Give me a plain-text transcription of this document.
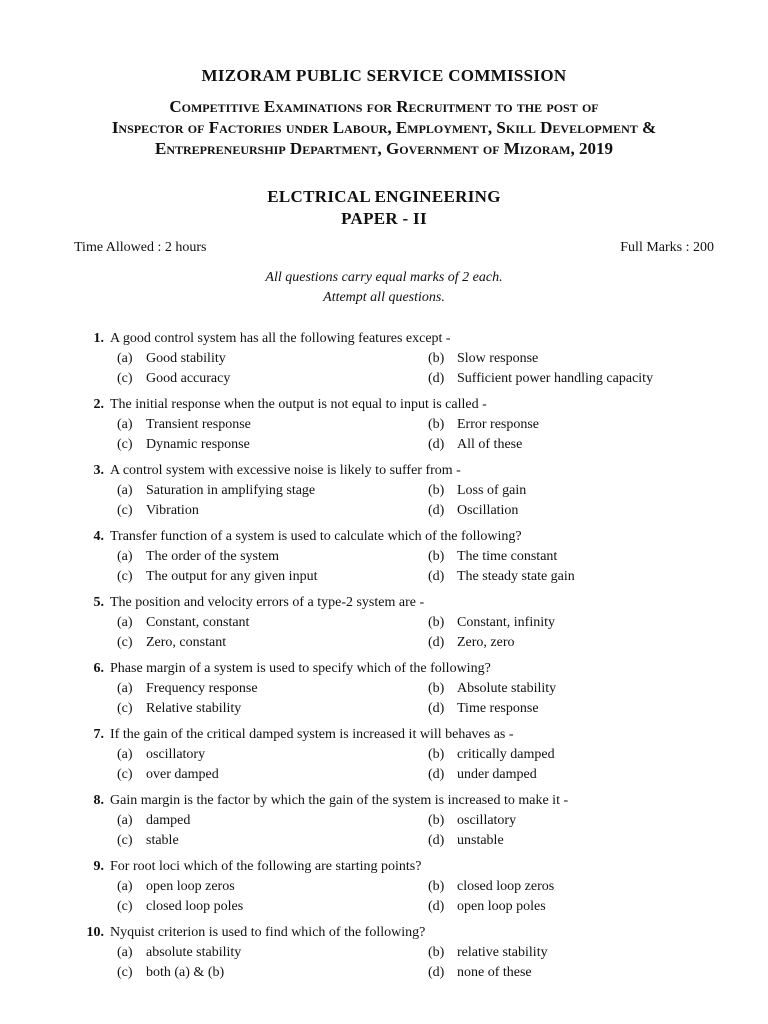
MIZORAM PUBLIC SERVICE COMMISSION
Competitive Examinations for Recruitment to the post of
Inspector of Factories under Labour, Employment, Skill Development &
Entrepreneurship Department, Government of Mizoram, 2019
ELCTRICAL ENGINEERING
PAPER - II
Time Allowed : 2 hours	Full Marks : 200
All questions carry equal marks of 2 each.
Attempt all questions.
1. A good control system has all the following features except -
(a) Good stability	(b) Slow response
(c) Good accuracy	(d) Sufficient power handling capacity
2. The initial response when the output is not equal to input is called -
(a) Transient response	(b) Error response
(c) Dynamic response	(d) All of these
3. A control system with excessive noise is likely to suffer from -
(a) Saturation in amplifying stage	(b) Loss of gain
(c) Vibration	(d) Oscillation
4. Transfer function of a system is used to calculate which of the following?
(a) The order of the system	(b) The time constant
(c) The output for any given input	(d) The steady state gain
5. The position and velocity errors of a type-2 system are -
(a) Constant, constant	(b) Constant, infinity
(c) Zero, constant	(d) Zero, zero
6. Phase margin of a system is used to specify which of the following?
(a) Frequency response	(b) Absolute stability
(c) Relative stability	(d) Time response
7. If the gain of the critical damped system is increased it will behaves as -
(a) oscillatory	(b) critically damped
(c) over damped	(d) under damped
8. Gain margin is the factor by which the gain of the system is increased to make it -
(a) damped	(b) oscillatory
(c) stable	(d) unstable
9. For root loci which of the following are starting points?
(a) open loop zeros	(b) closed loop zeros
(c) closed loop poles	(d) open loop poles
10. Nyquist criterion is used to find which of the following?
(a) absolute stability	(b) relative stability
(c) both (a) & (b)	(d) none of these
